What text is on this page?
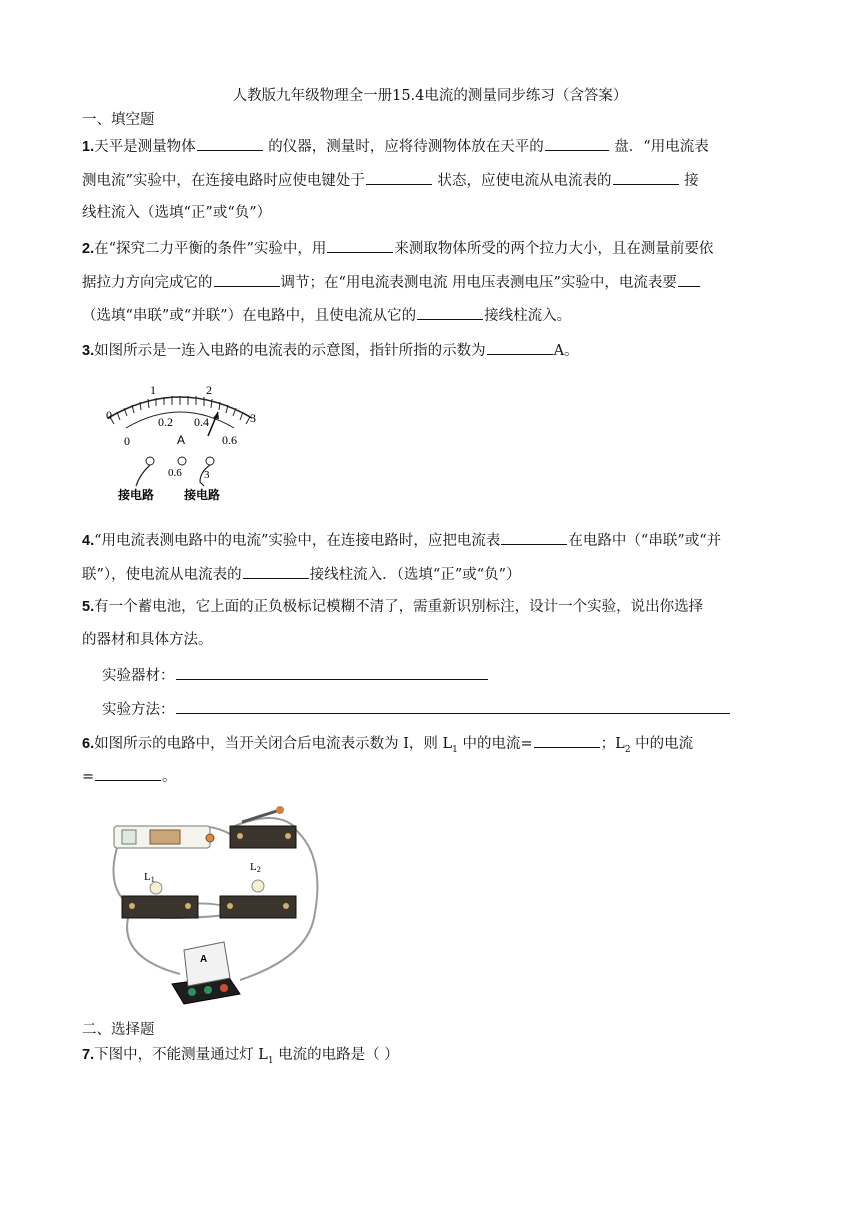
人教版九年级物理全一册15.4电流的测量同步练习（含答案）
一、填空题
1.天平是测量物体	的仪器，测量时，应将待测物体放在天平的	盘．“用电流表
测电流”实验中，在连接电路时应使电键处于	状态，应使电流从电流表的	接
线柱流入（选填“正”或“负”）
2.在“探究二力平衡的条件”实验中，用	来测取物体所受的两个拉力大小，且在测量前要依
据拉力方向完成它的	调节；在“用电流表测电流 用电压表测电压”实验中，电流表要
（选填“串联”或“并联”）在电路中，且使电流从它的	接线柱流入。
3.如图所示是一连入电路的电流表的示意图，指针所指的示数为	A。
0
1	2
3
0
0.2 0.4
0.6
A
0.6 3
接电路 接电路
4.“用电流表测电路中的电流”实验中，在连接电路时，应把电流表	在电路中（“串联”或“并
联”），使电流从电流表的	接线柱流入．（选填“正”或“负”）
5.有一个蓄电池，它上面的正负极标记模糊不清了，需重新识别标注，设计一个实验，说出你选择
的器材和具体方法。
实验器材：
实验方法：
6.如图所示的电路中，当开关闭合后电流表示数为 I，则 $L_1$ 中的电流=	；$L_2$ 中的电流
=	。
L1
L2
A
二、选择题
7.下图中，不能测量通过灯 $L_1$ 电流的电路是（ ）
